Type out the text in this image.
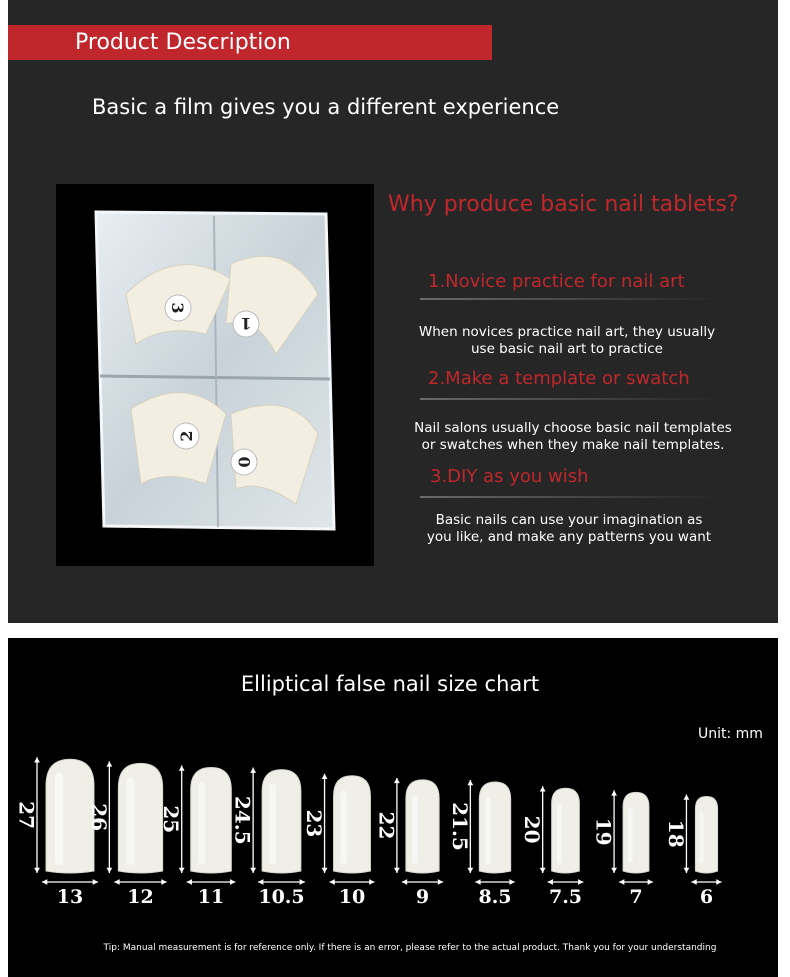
Product Description
Basic a film gives you a different experience
3
1
2
0
Why produce basic nail tablets?
1.Novice practice for nail art
When novices practice nail art, they usually
use basic nail art to practice
2.Make a template or swatch
Nail salons usually choose basic nail templates
or swatches when they make nail templates.
3.DIY as you wish
Basic nails can use your imagination as
you like, and make any patterns you want
Elliptical false nail size chart
Unit: mm
27
13
26
12
25
11
24.5
10.5
23
10
22
9
21.5
8.5
20
7.5
19
7
18
6
Tip: Manual measurement is for reference only. If there is an error, please refer to the actual product. Thank you for your understanding
